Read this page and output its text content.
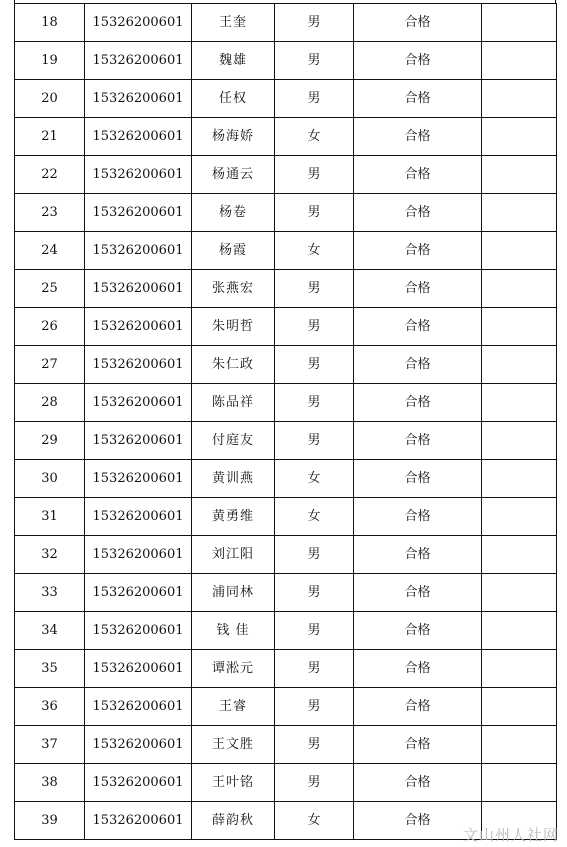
18	15326200601	王奎	男	合格	
19	15326200601	魏雄	男	合格	
20	15326200601	任权	男	合格	
21	15326200601	杨海娇	女	合格	
22	15326200601	杨通云	男	合格	
23	15326200601	杨卷	男	合格	
24	15326200601	杨霞	女	合格	
25	15326200601	张燕宏	男	合格	
26	15326200601	朱明哲	男	合格	
27	15326200601	朱仁政	男	合格	
28	15326200601	陈品祥	男	合格	
29	15326200601	付庭友	男	合格	
30	15326200601	黄训燕	女	合格	
31	15326200601	黄勇维	女	合格	
32	15326200601	刘江阳	男	合格	
33	15326200601	浦同林	男	合格	
34	15326200601	钱 佳	男	合格	
35	15326200601	谭淞元	男	合格	
36	15326200601	王睿	男	合格	
37	15326200601	王文胜	男	合格	
38	15326200601	王叶铭	男	合格	
39	15326200601	薛韵秋	女	合格	
文山州人社网
